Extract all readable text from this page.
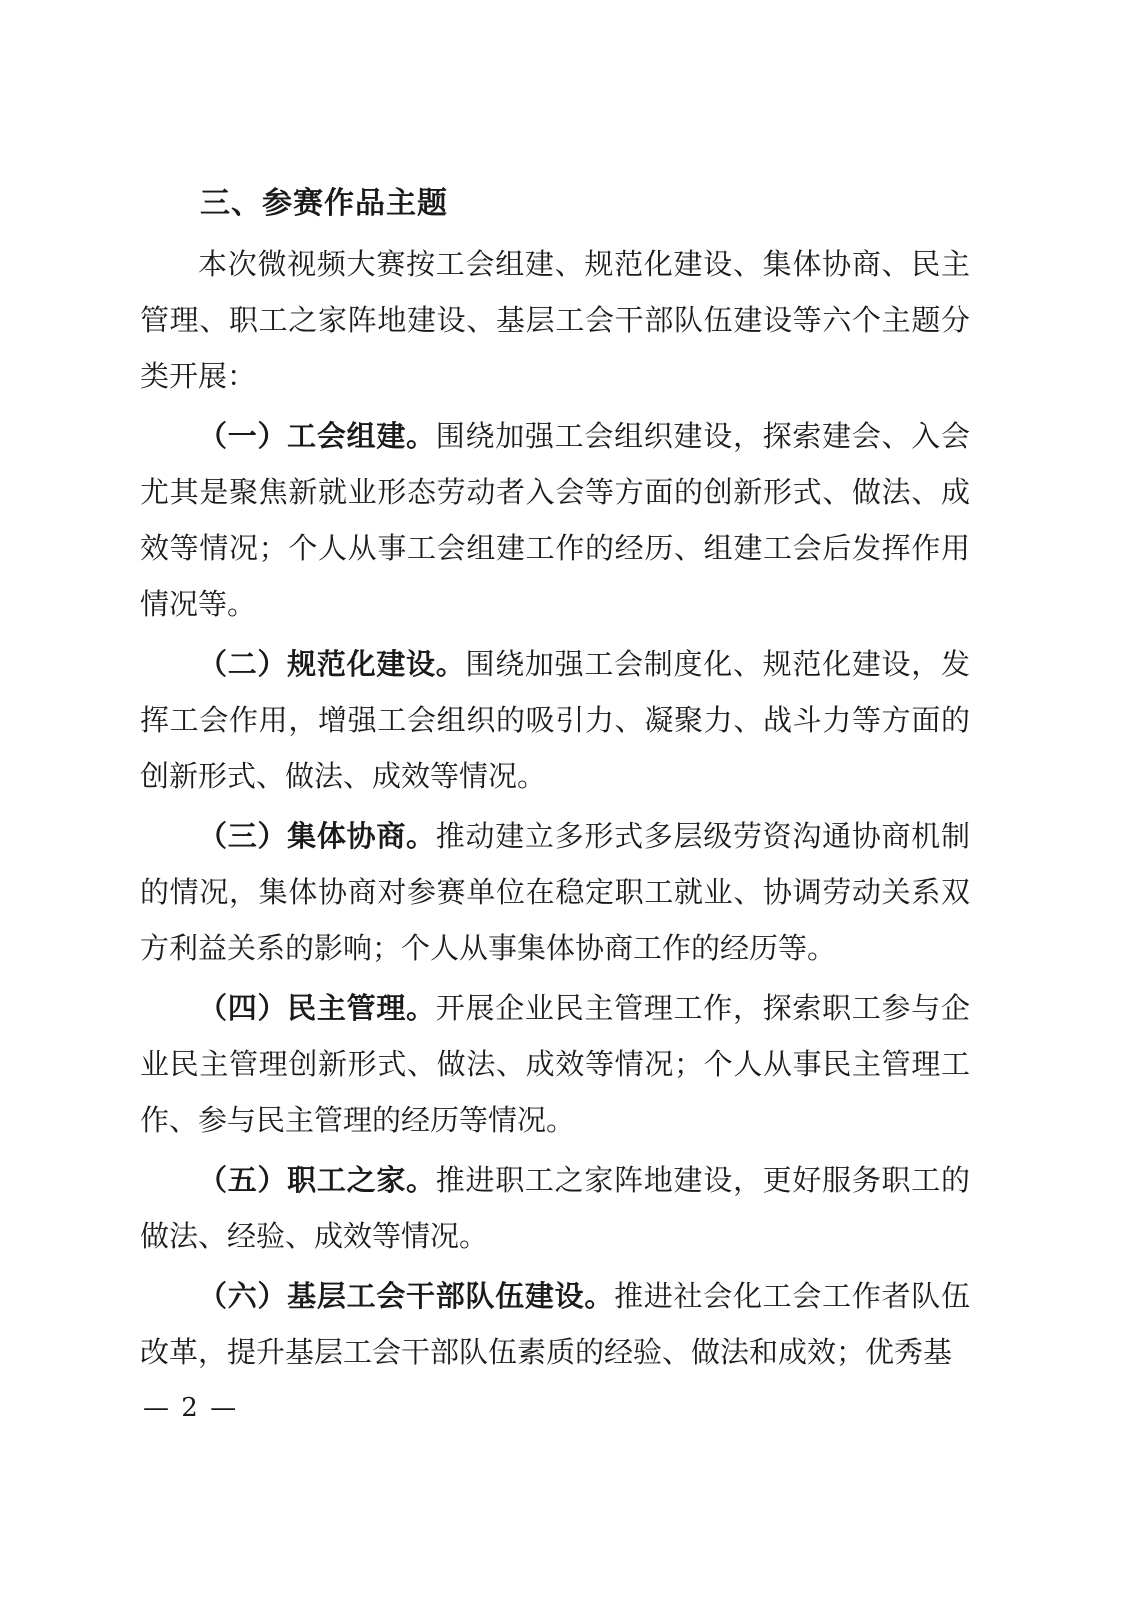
三、参赛作品主题

本次微视频大赛按工会组建、规范化建设、集体协商、民主管理、职工之家阵地建设、基层工会干部队伍建设等六个主题分类开展：

（一）工会组建。围绕加强工会组织建设，探索建会、入会尤其是聚焦新就业形态劳动者入会等方面的创新形式、做法、成效等情况；个人从事工会组建工作的经历、组建工会后发挥作用情况等。

（二）规范化建设。围绕加强工会制度化、规范化建设，发挥工会作用，增强工会组织的吸引力、凝聚力、战斗力等方面的创新形式、做法、成效等情况。

（三）集体协商。推动建立多形式多层级劳资沟通协商机制的情况，集体协商对参赛单位在稳定职工就业、协调劳动关系双方利益关系的影响；个人从事集体协商工作的经历等。

（四）民主管理。开展企业民主管理工作，探索职工参与企业民主管理创新形式、做法、成效等情况；个人从事民主管理工作、参与民主管理的经历等情况。

（五）职工之家。推进职工之家阵地建设，更好服务职工的做法、经验、成效等情况。

（六）基层工会干部队伍建设。推进社会化工会工作者队伍改革，提升基层工会干部队伍素质的经验、做法和成效；优秀基

— 2 —
